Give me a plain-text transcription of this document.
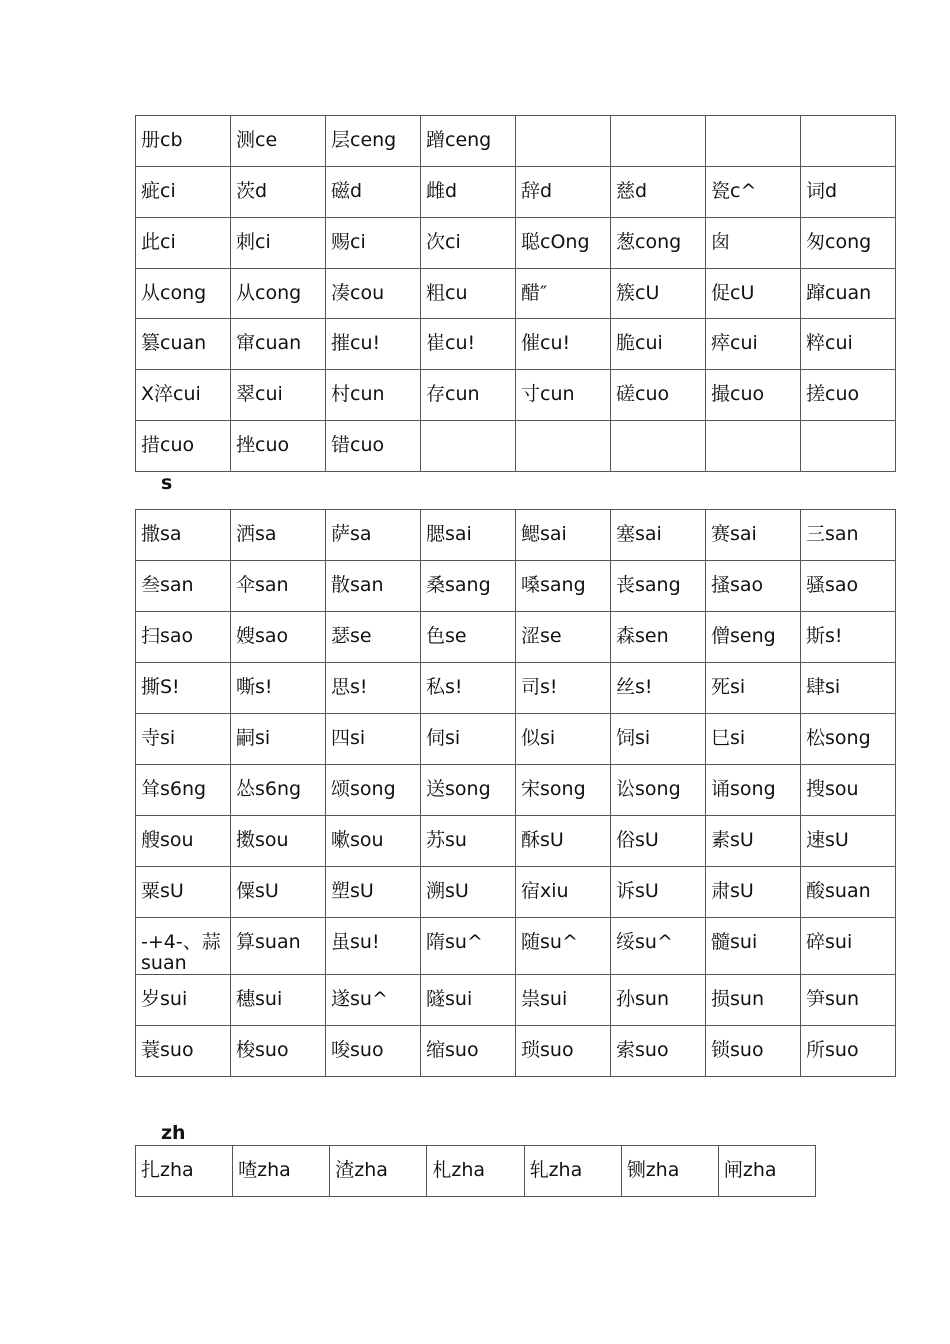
s
zh
册cb	测ce	层ceng	蹭ceng				

疵ci	茨d	磁d	雌d	辞d	慈d	瓷c^	词d

此ci	刺ci	赐ci	次ci	聪cOng	葱cong	囱	匆cong

从cong	从cong	凑cou	粗cu	醋″	簇cU	促cU	蹿cuan

篡cuan	窜cuan	摧cu!	崔cu!	催cu!	脆cui	瘁cui	粹cui

X淬cui	翠cui	村cun	存cun	寸cun	磋cuo	撮cuo	搓cuo

措cuo	挫cuo	错cuo					

撒sa	洒sa	萨sa	腮sai	鳃sai	塞sai	赛sai	三san

叁san	伞san	散san	桑sang	嗓sang	丧sang	搔sao	骚sao

扫sao	嫂sao	瑟se	色se	涩se	森sen	僧seng	斯s!

撕S!	嘶s!	思s!	私s!	司s!	丝s!	死si	肆si

寺si	嗣si	四si	伺si	似si	饲si	巳si	松song

耸s6ng	怂s6ng	颂song	送song	宋song	讼song	诵song	搜sou

艘sou	擞sou	嗽sou	苏su	酥sU	俗sU	素sU	速sU

粟sU	僳sU	塑sU	溯sU	宿xiu	诉sU	肃sU	酸suan

-+4-、蒜suan	算suan	虽su!	隋su^	随su^	绥su^	髓sui	碎sui

岁sui	穗sui	遂su^	隧sui	祟sui	孙sun	损sun	笋sun

蓑suo	梭suo	唆suo	缩suo	琐suo	索suo	锁suo	所suo
扎zha	喳zha	渣zha	札zha	轧zha	铡zha	闸zha
